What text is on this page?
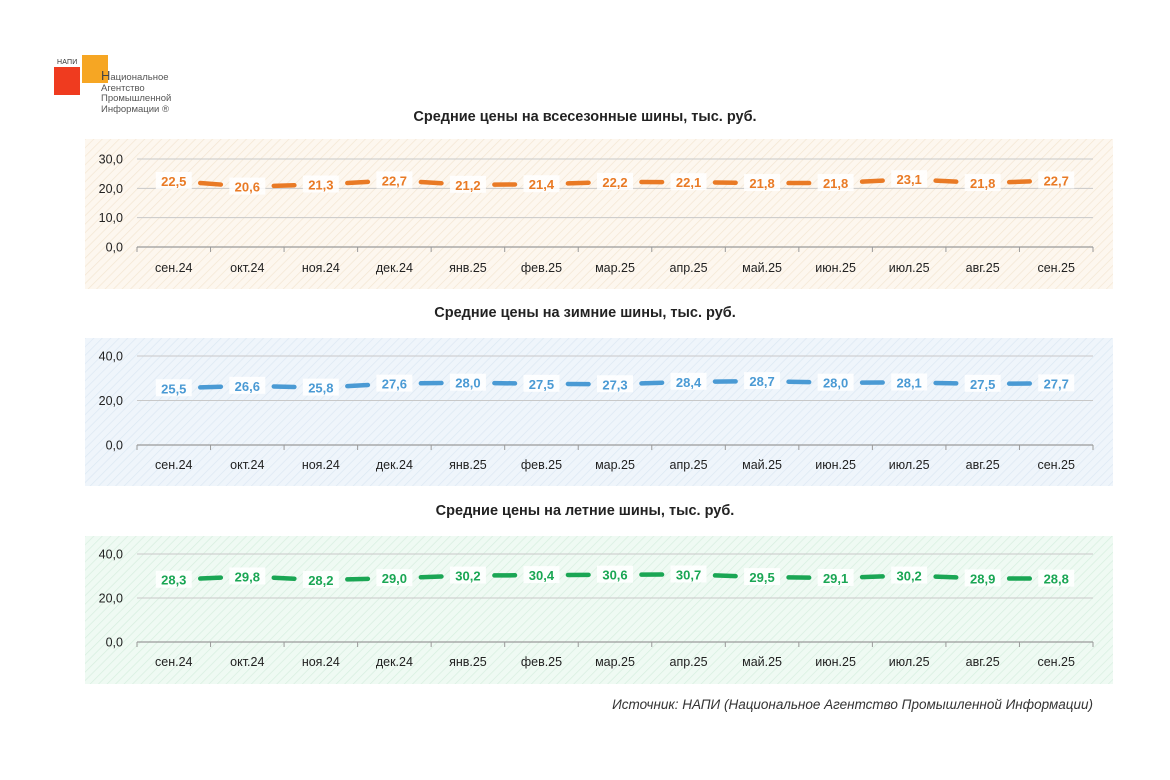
НАПИ
Национальное
Агентство
Промышленной
Информации ®	Средние цены на всесезонные шины, тыс. руб.
0,0
10,0
20,0
30,0
сен.24	окт.24	ноя.24	дек.24	янв.25	фев.25	мар.25	апр.25	май.25	июн.25	июл.25	авг.25	сен.25
22,5	20,6	21,3	22,7	21,2	21,4	22,2	22,1	21,8	21,8	23,1	21,8	22,7
Средние цены на зимние шины, тыс. руб.
0,0
20,0
40,0
сен.24	окт.24	ноя.24	дек.24	янв.25	фев.25	мар.25	апр.25	май.25	июн.25	июл.25	авг.25	сен.25
25,5	26,6	25,8	27,6	28,0	27,5	27,3	28,4	28,7	28,0	28,1	27,5	27,7
Средние цены на летние шины, тыс. руб.
0,0
20,0
40,0
сен.24	окт.24	ноя.24	дек.24	янв.25	фев.25	мар.25	апр.25	май.25	июн.25	июл.25	авг.25	сен.25
28,3	29,8	28,2	29,0	30,2	30,4	30,6	30,7	29,5	29,1	30,2	28,9	28,8
Источник: НАПИ (Национальное Агентство Промышленной Информации)
